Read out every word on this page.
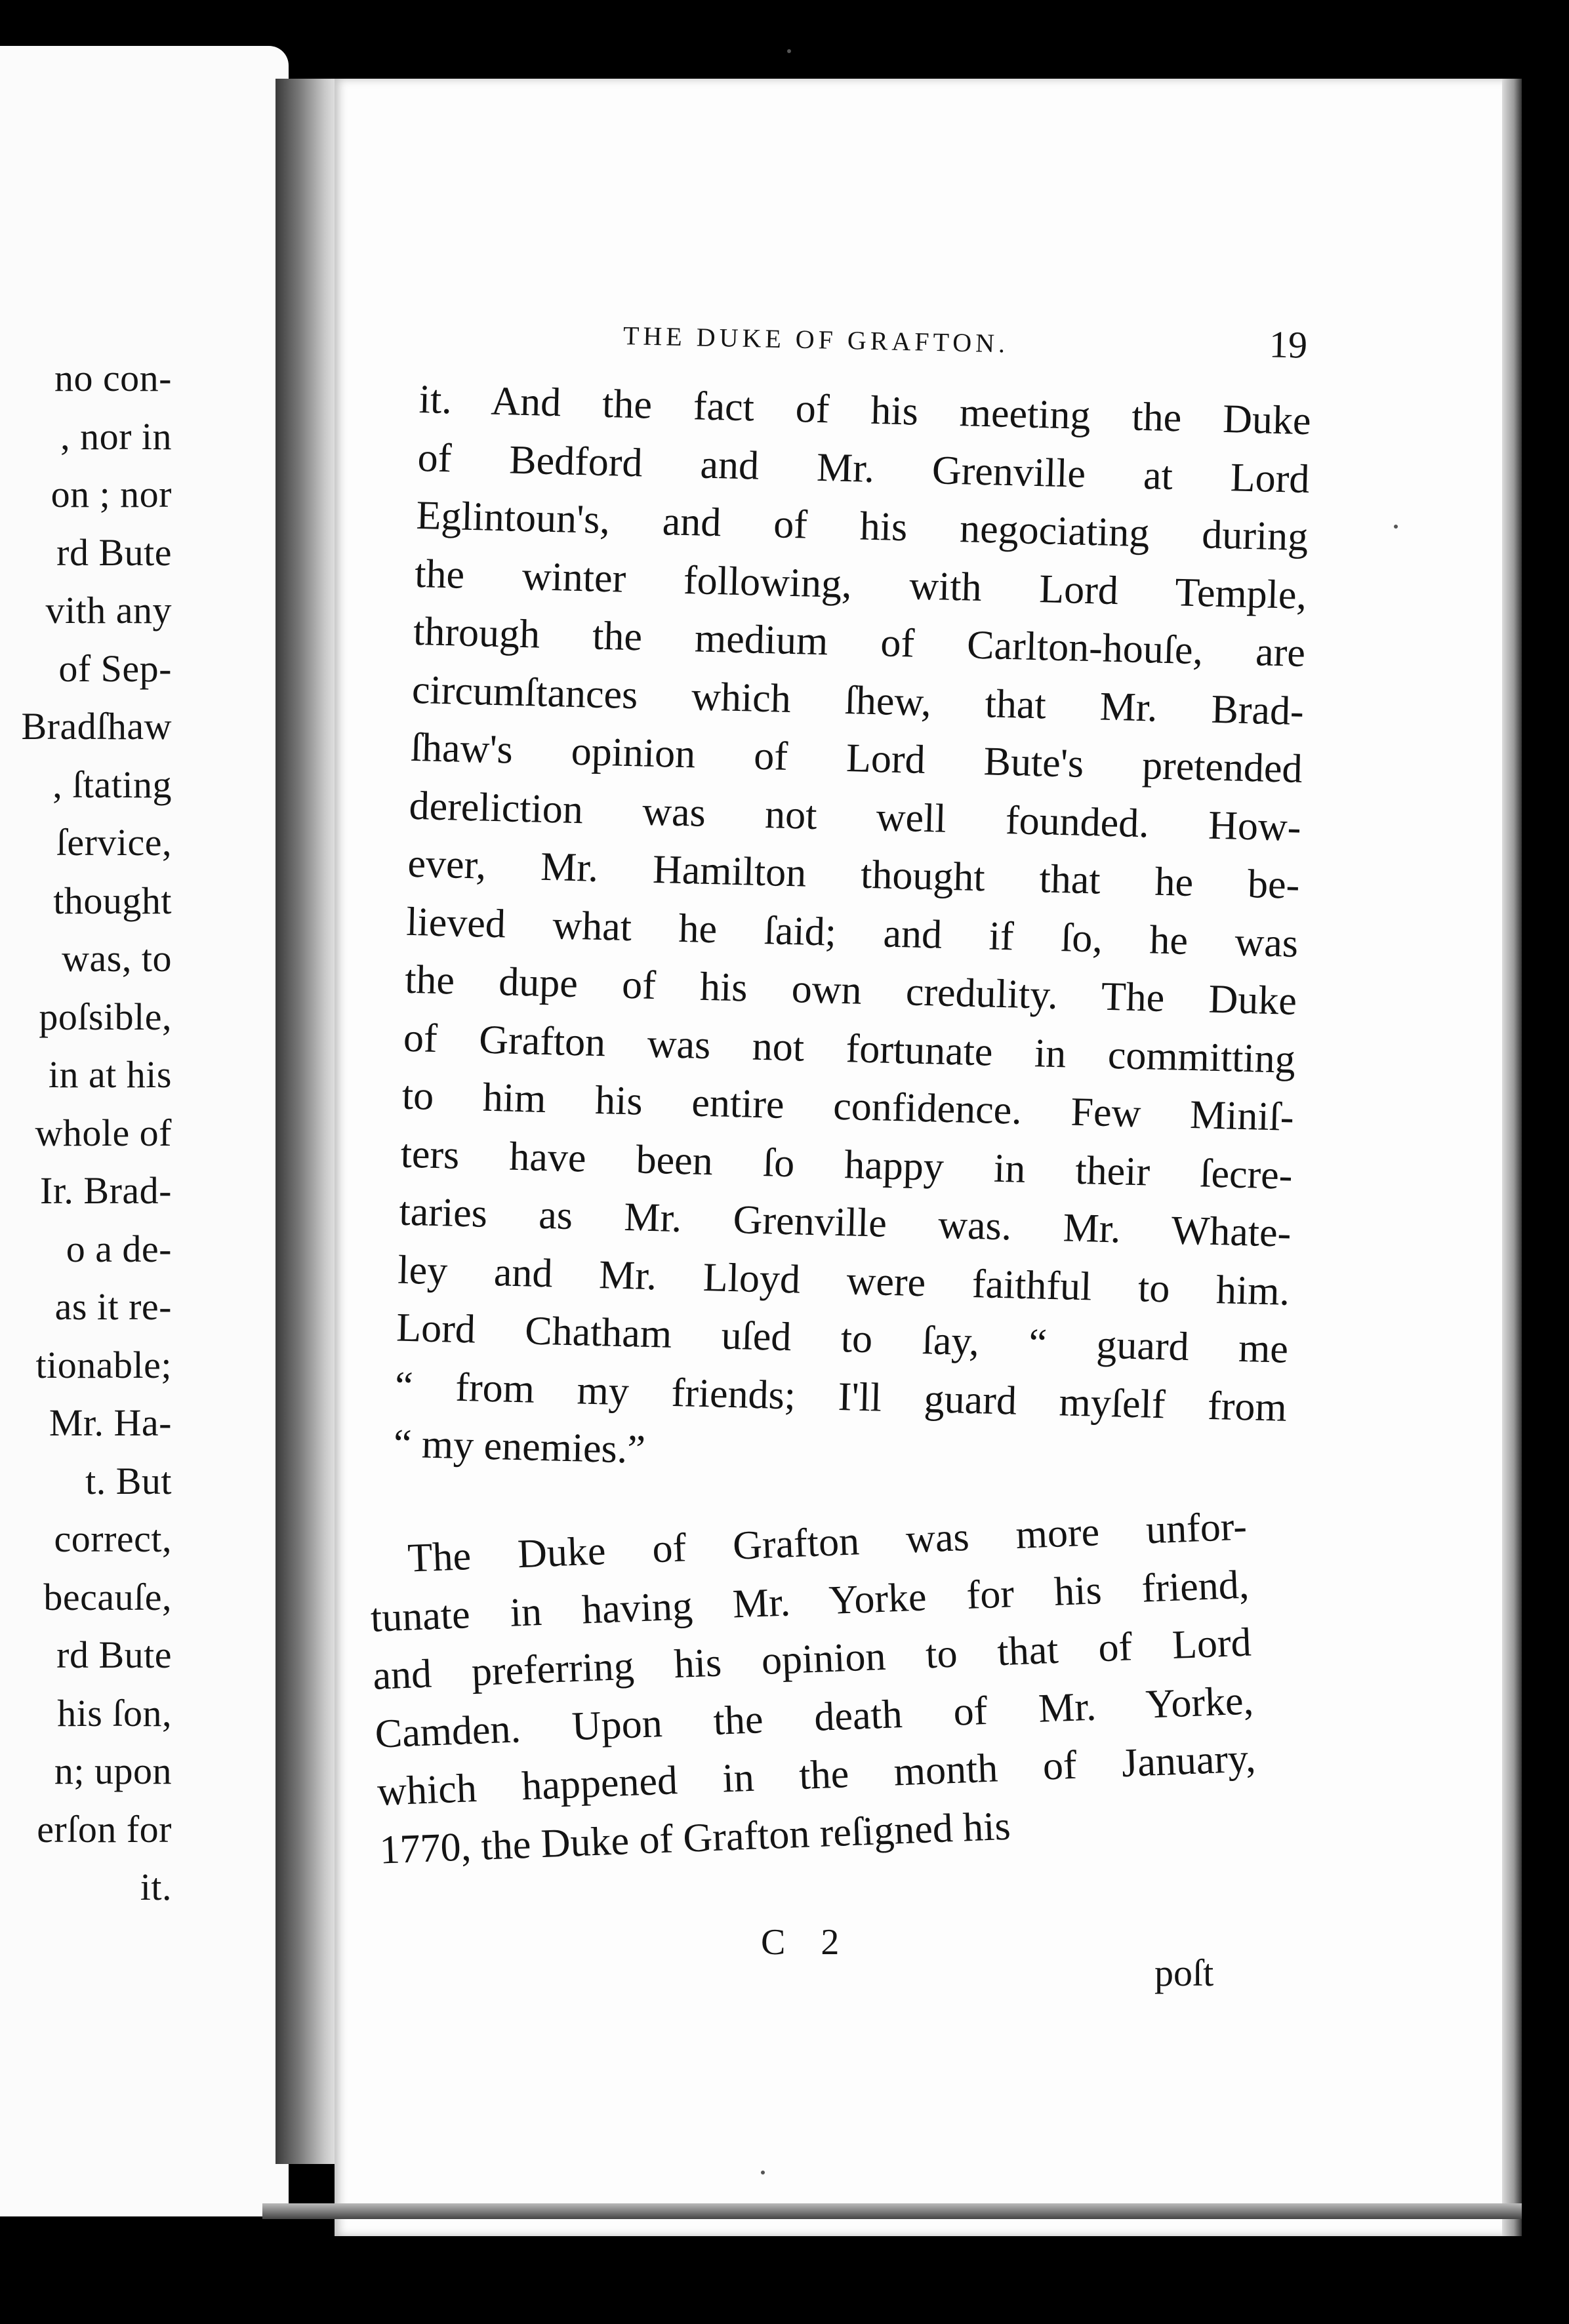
no con-
, nor in
on ; nor
rd Bute
vith any
of Sep-
Bradſhaw
, ſtating
ſervice,
thought
was, to
poſsible,
in at his
whole of
Ir. Brad-
o a de-
as it re-
tionable;
Mr. Ha-
t. But
correct,
becauſe,
rd Bute
his ſon,
n; upon
erſon for
it.
THE DUKE OF GRAFTON.	19
it. And the fact of his meeting the Duke
of Bedford and Mr. Grenville at Lord
Eglintoun's, and of his negociating during
the winter following, with Lord Temple,
through the medium of Carlton-houſe, are
circumſtances which ſhew, that Mr. Brad-
ſhaw's opinion of Lord Bute's pretended
dereliction was not well founded. How-
ever, Mr. Hamilton thought that he be-
lieved what he ſaid; and if ſo, he was
the dupe of his own credulity. The Duke
of Grafton was not fortunate in committing
to him his entire confidence. Few Miniſ-
ters have been ſo happy in their ſecre-
taries as Mr. Grenville was. Mr. Whate-
ley and Mr. Lloyd were faithful to him.
Lord Chatham uſed to ſay, “ guard me
“ from my friends; I'll guard myſelf from
“ my enemies.”
The Duke of Grafton was more unfor-
tunate in having Mr. Yorke for his friend,
and preferring his opinion to that of Lord
Camden. Upon the death of Mr. Yorke,
which happened in the month of January,
1770, the Duke of Grafton reſigned his
C 2
poſt
